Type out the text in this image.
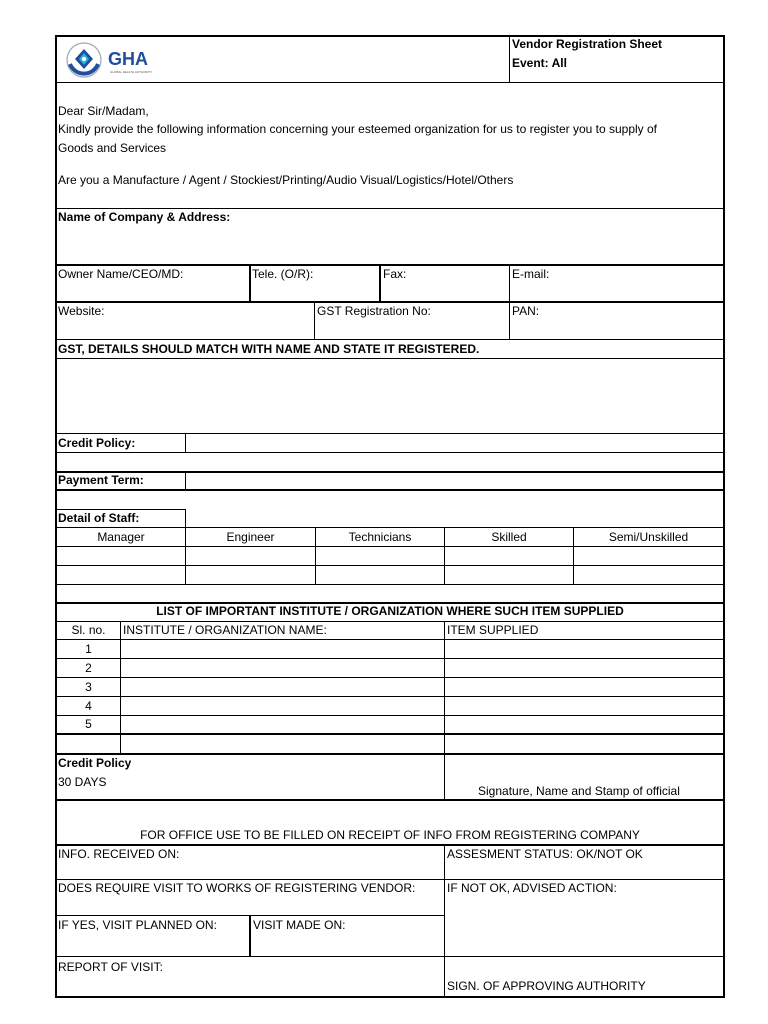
GHA
GLOBAL HEALTH AUTHORITY
Vendor Registration Sheet
Event: All
Dear Sir/Madam,
Kindly provide the following information concerning your esteemed organization for us to register you to supply of
Goods and Services
Are you a Manufacture / Agent / Stockiest/Printing/Audio Visual/Logistics/Hotel/Others
Name of Company & Address:
Owner Name/CEO/MD:	Tele. (O/R):	Fax:	E-mail:
Website:	GST Registration No:	PAN:
GST, DETAILS SHOULD MATCH WITH NAME AND STATE IT REGISTERED.
Credit Policy:
Payment Term:
Detail of Staff:
Manager	Engineer	Technicians	Skilled	Semi/Unskilled
LIST OF IMPORTANT INSTITUTE / ORGANIZATION WHERE SUCH ITEM SUPPLIED
Sl. no.	INSTITUTE / ORGANIZATION NAME:	ITEM SUPPLIED
1
2
3
4
5
Credit Policy
30 DAYS
Signature, Name and Stamp of official
FOR OFFICE USE TO BE FILLED ON RECEIPT OF INFO FROM REGISTERING COMPANY
INFO. RECEIVED ON:	ASSESMENT STATUS: OK/NOT OK
DOES REQUIRE VISIT TO WORKS OF REGISTERING VENDOR:	IF NOT OK, ADVISED ACTION:
IF YES, VISIT PLANNED ON:	VISIT MADE ON:
REPORT OF VISIT:
SIGN. OF APPROVING AUTHORITY
